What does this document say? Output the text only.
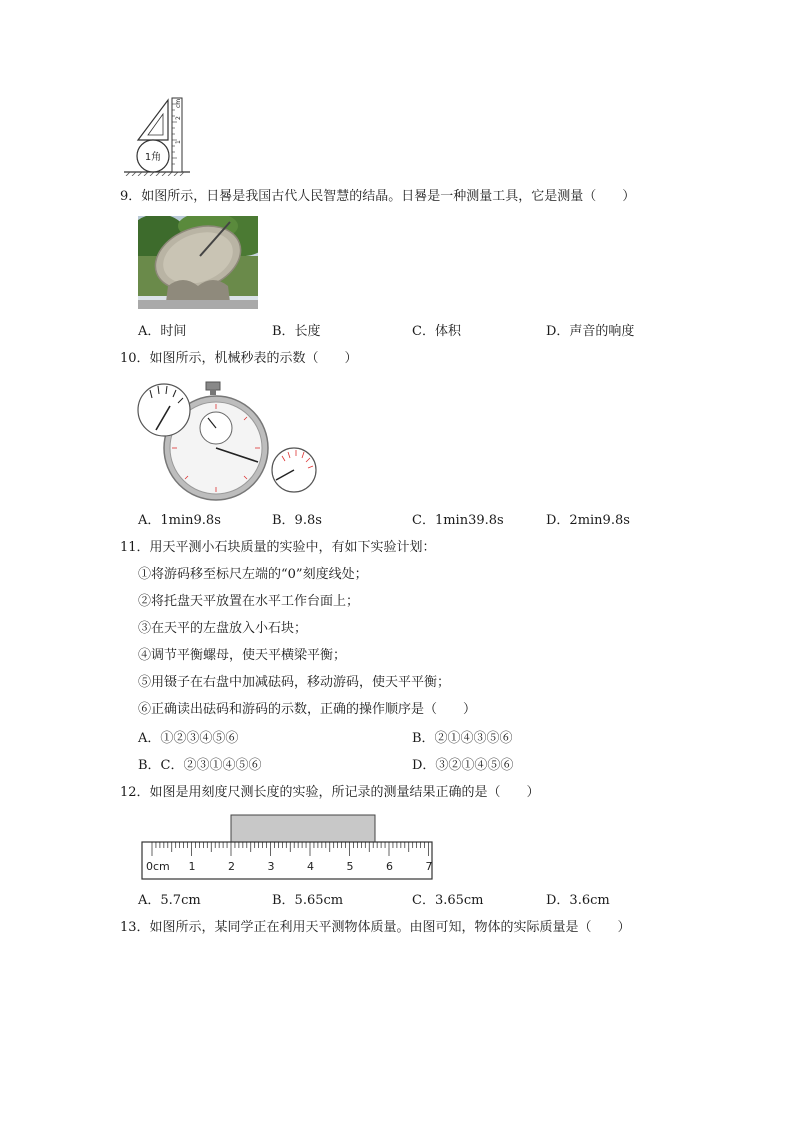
1角
2
cm
1
9．如图所示，日晷是我国古代人民智慧的结晶。日晷是一种测量工具，它是测量（　　）
A．时间	B．长度	C．体积	D．声音的响度
10．如图所示，机械秒表的示数（　　）
A．1min9.8s	B．9.8s	C．1min39.8s	D．2min9.8s
11．用天平测小石块质量的实验中，有如下实验计划：
①将游码移至标尺左端的“0”刻度线处；
②将托盘天平放置在水平工作台面上；
③在天平的左盘放入小石块；
④调节平衡螺母，使天平横梁平衡；
⑤用镊子在右盘中加减砝码，移动游码，使天平平衡；
⑥正确读出砝码和游码的示数，正确的操作顺序是（　　）
A．①②③④⑤⑥	B．②①④③⑤⑥
B．C．②③①④⑤⑥	D．③②①④⑤⑥
12．如图是用刻度尺测长度的实验，所记录的测量结果正确的是（　　）
0cm 1	2	3	4	5	6	7
A．5.7cm	B．5.65cm	C．3.65cm	D．3.6cm
13．如图所示，某同学正在利用天平测物体质量。由图可知，物体的实际质量是（　　）
